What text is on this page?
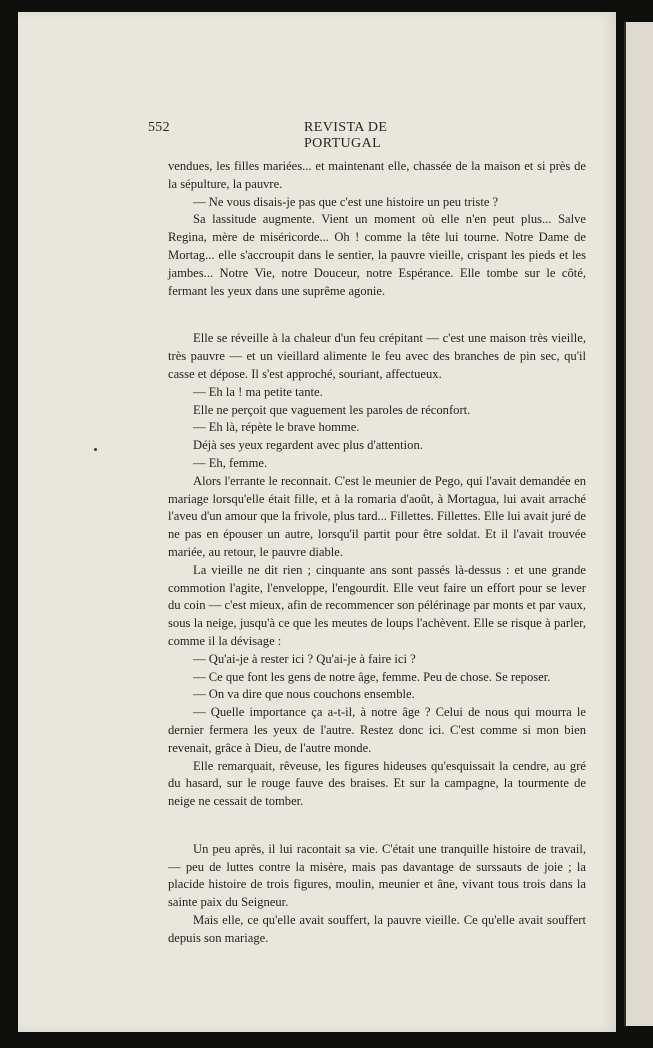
552	REVISTA DE PORTUGAL

vendues, les filles mariées... et maintenant elle, chassée de la maison et si près de la sépulture, la pauvre.

— Ne vous disais-je pas que c'est une histoire un peu triste ?

Sa lassitude augmente. Vient un moment où elle n'en peut plus... Salve Regina, mère de miséricorde... Oh ! comme la tête lui tourne. Notre Dame de Mortag... elle s'accroupit dans le sentier, la pauvre vieille, crispant les pieds et les jambes... Notre Vie, notre Douceur, notre Espérance. Elle tombe sur le côté, fermant les yeux dans une suprême agonie.

Elle se réveille à la chaleur d'un feu crépitant — c'est une maison très vieille, très pauvre — et un vieillard alimente le feu avec des branches de pin sec, qu'il casse et dépose. Il s'est approché, souriant, affectueux.

— Eh la ! ma petite tante.

Elle ne perçoit que vaguement les paroles de réconfort.

— Eh là, répète le brave homme.

Déjà ses yeux regardent avec plus d'attention.

— Eh, femme.

Alors l'errante le reconnait. C'est le meunier de Pego, qui l'avait demandée en mariage lorsqu'elle était fille, et à la romaria d'août, à Mortagua, lui avait arraché l'aveu d'un amour que la frivole, plus tard... Fillettes. Fillettes. Elle lui avait juré de ne pas en épouser un autre, lorsqu'il partit pour être soldat. Et il l'avait trouvée mariée, au retour, le pauvre diable.

La vieille ne dit rien ; cinquante ans sont passés là-dessus : et une grande commotion l'agite, l'enveloppe, l'engourdit. Elle veut faire un effort pour se lever du coin — c'est mieux, afin de recommencer son pélérinage par monts et par vaux, sous la neige, jusqu'à ce que les meutes de loups l'achèvent. Elle se risque à parler, comme il la dévisage :

— Qu'ai-je à rester ici ? Qu'ai-je à faire ici ?

— Ce que font les gens de notre âge, femme. Peu de chose. Se reposer.

— On va dire que nous couchons ensemble.

— Quelle importance ça a-t-il, à notre âge ? Celui de nous qui mourra le dernier fermera les yeux de l'autre. Restez donc ici. C'est comme si mon bien revenait, grâce à Dieu, de l'autre monde.

Elle remarquait, rêveuse, les figures hideuses qu'esquissait la cendre, au gré du hasard, sur le rouge fauve des braises. Et sur la campagne, la tourmente de neige ne cessait de tomber.

Un peu après, il lui racontait sa vie. C'était une tranquille histoire de travail, — peu de luttes contre la misère, mais pas davantage de surssauts de joie ; la placide histoire de trois figures, moulin, meunier et âne, vivant tous trois dans la sainte paix du Seigneur.

Mais elle, ce qu'elle avait souffert, la pauvre vieille. Ce qu'elle avait souffert depuis son mariage.
